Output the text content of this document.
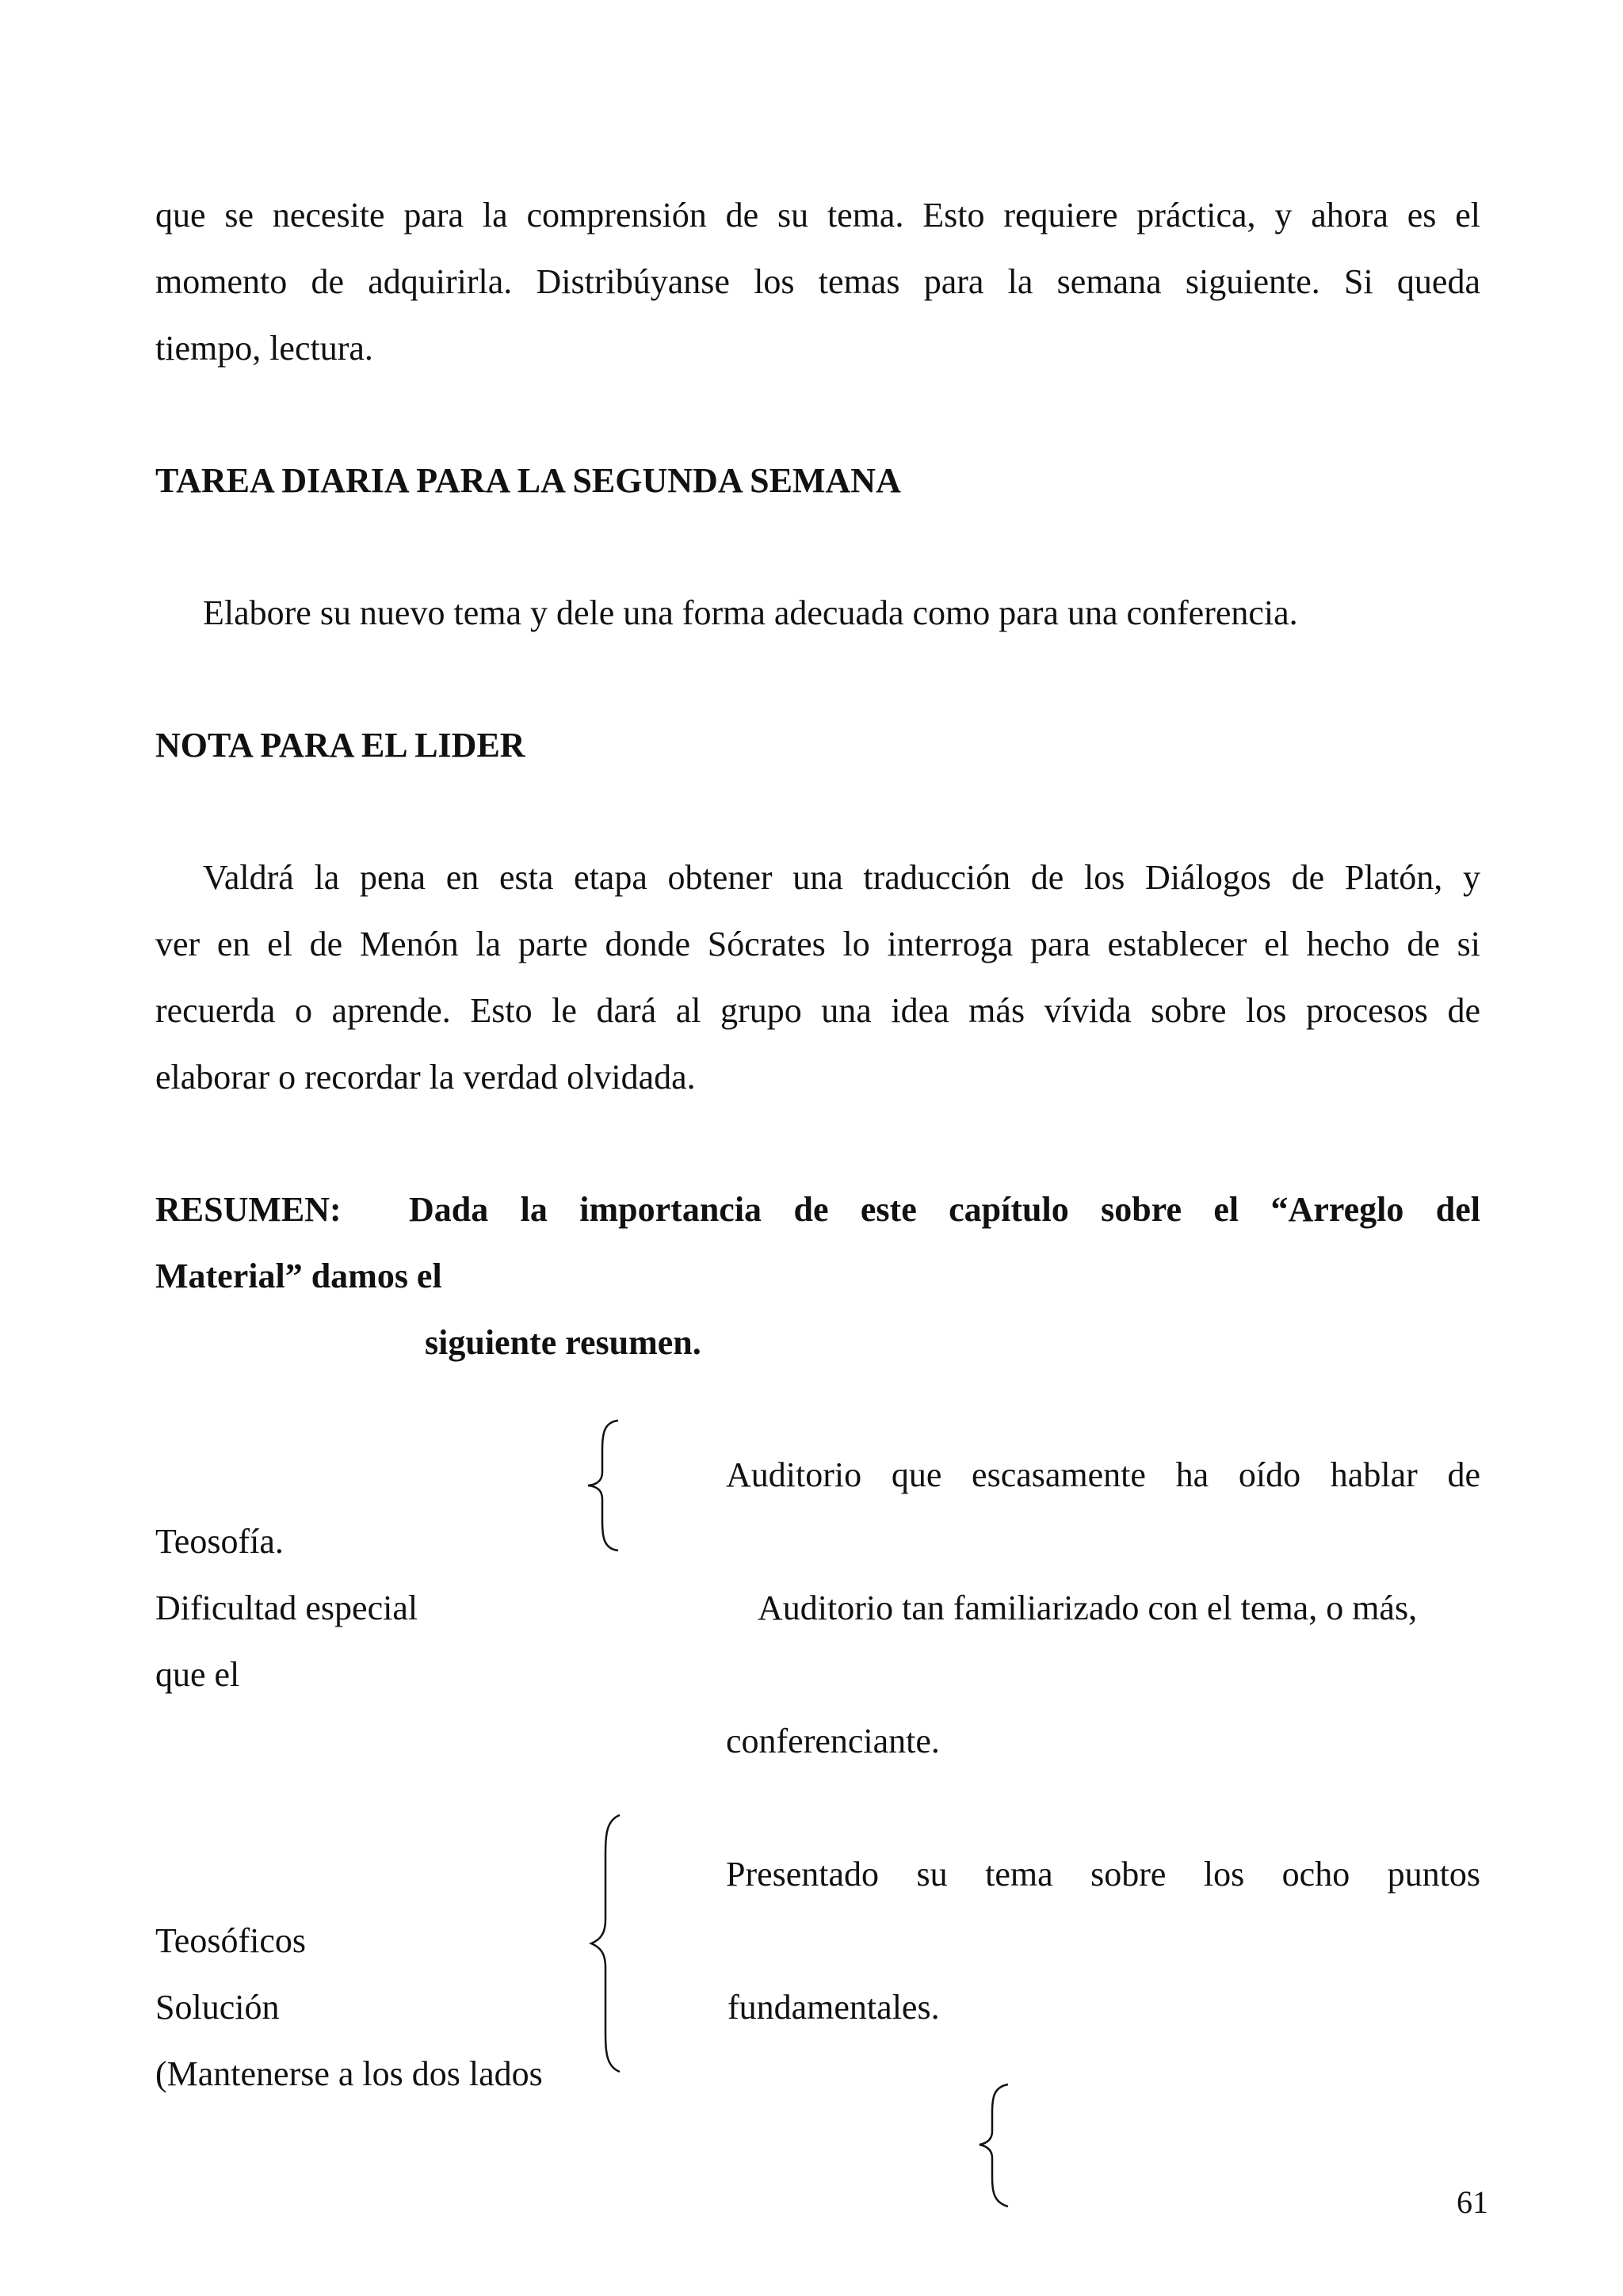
que se necesite para la comprensión de su tema. Esto requiere práctica, y ahora es el

momento de adquirirla. Distribúyanse los temas para la semana siguiente. Si queda

tiempo, lectura.

TAREA DIARIA PARA LA SEGUNDA SEMANA

Elabore su nuevo tema y dele una forma adecuada como para una conferencia.

NOTA PARA EL LIDER

Valdrá la pena en esta etapa obtener una traducción de los Diálogos de Platón, y

ver en el de Menón la parte donde Sócrates lo interroga para establecer el hecho de si

recuerda o aprende. Esto le dará al grupo una idea más vívida sobre los procesos de

elaborar o recordar la verdad olvidada.

RESUMEN: Dada la importancia de este capítulo sobre el “Arreglo del

Material” damos el

siguiente resumen.

Auditorio que escasamente ha oído hablar de

Teosofía.

Dificultad especial	Auditorio tan familiarizado con el tema, o más,

que el

conferenciante.

Presentado su tema sobre los ocho puntos

Teosóficos

Solución	fundamentales.

(Mantenerse a los dos lados

61
